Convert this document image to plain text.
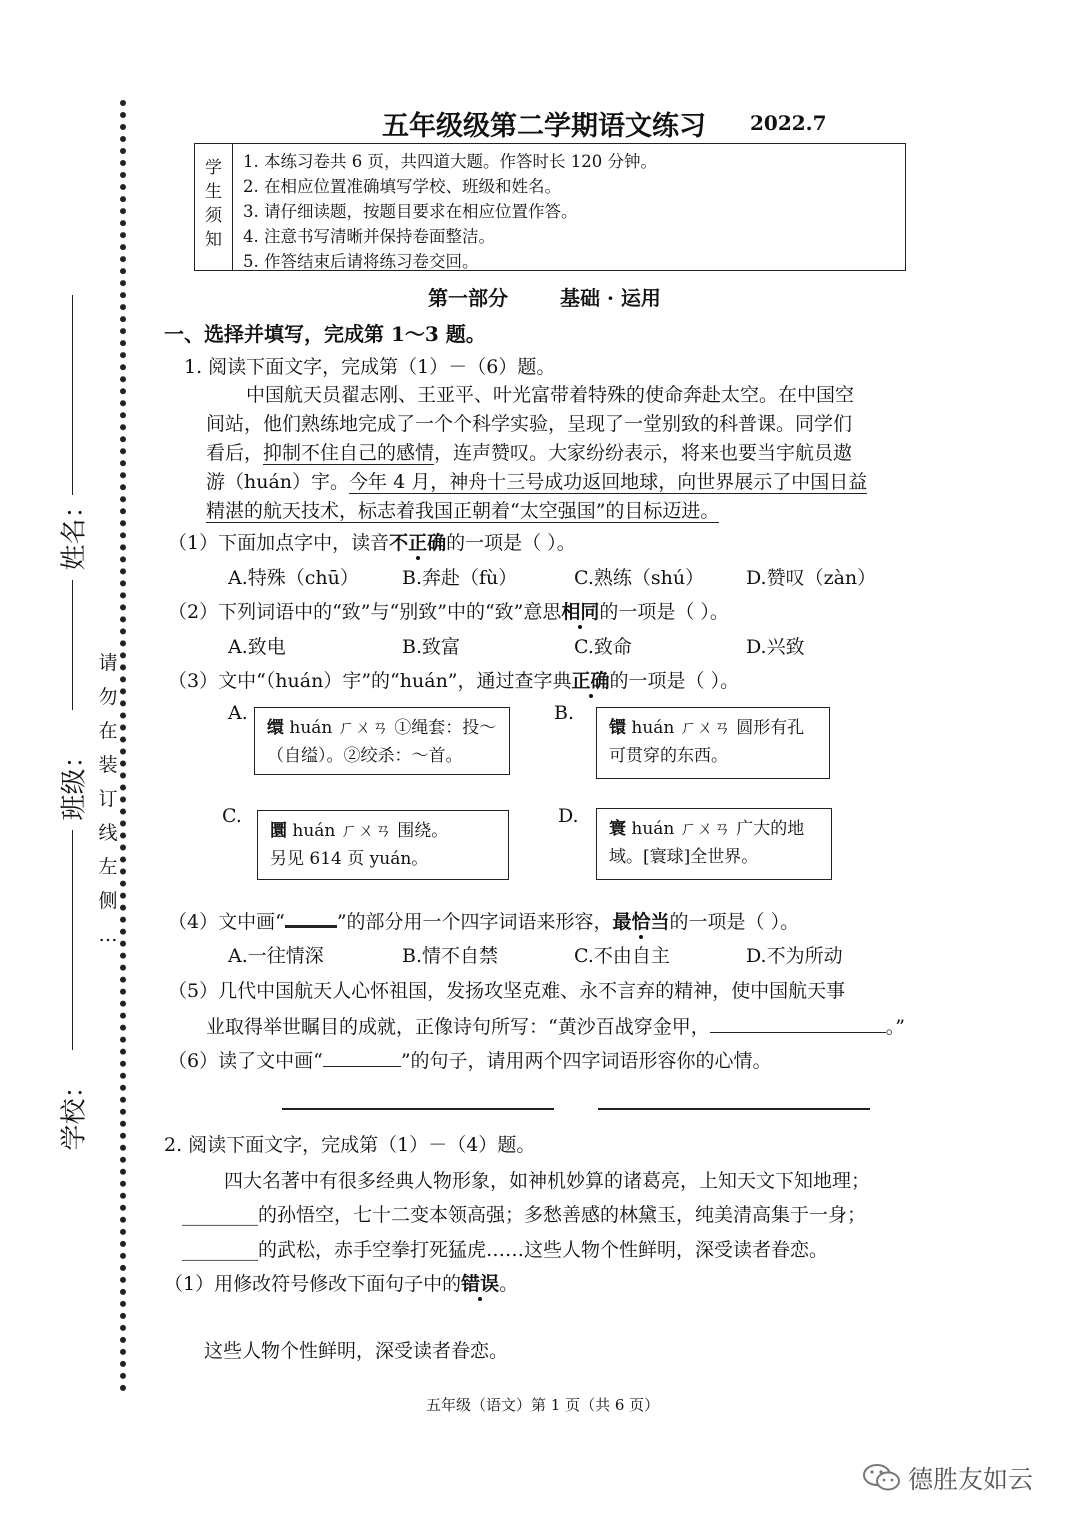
姓名：
班级：
学校：
请
勿
在
装
订
线
左
侧
…
五年级级第二学期语文练习 2022.7
学
生
须
知
1. 本练习卷共 6 页，共四道大题。作答时长 120 分钟。
2. 在相应位置准确填写学校、班级和姓名。
3. 请仔细读题，按题目要求在相应位置作答。
4. 注意书写清晰并保持卷面整洁。
5. 作答结束后请将练习卷交回。
第一部分	基础 · 运用
一、选择并填写，完成第 1～3 题。
1. 阅读下面文字，完成第（1）－（6）题。
中国航天员翟志刚、王亚平、叶光富带着特殊的使命奔赴太空。在中国空
间站，他们熟练地完成了一个个科学实验，呈现了一堂别致的科普课。同学们
看后，抑制不住自己的感情，连声赞叹。大家纷纷表示，将来也要当宇航员遨
游（huán）宇。今年 4 月，神舟十三号成功返回地球，向世界展示了中国日益
精湛的航天技术，标志着我国正朝着“太空强国”的目标迈进。
（1）下面加点字中，读音不正确的一项是（ ）。
A.特殊（chū） B.奔赴（fù）	C.熟练（shú） D.赞叹（zàn）
（2）下列词语中的“致”与“别致”中的“致”意思相同的一项是（ ）。
A.致电	B.致富	C.致命	D.兴致
（3）文中“（huán）宇”的“huán”，通过查字典正确的一项是（ ）。
A.
缳 huán ㄏㄨㄢ ①绳套：投～
（自缢）。②绞杀：～首。
B.
镮 huán ㄏㄨㄢ 圆形有孔
可贯穿的东西。
C.
圜 huán ㄏㄨㄢ 围绕。
另见 614 页 yuán。
D.
寰 huán ㄏㄨㄢ 广大的地
域。[寰球]全世界。
（4）文中画“	”的部分用一个四字词语来形容，最恰当的一项是（ ）。
A.一往情深	B.情不自禁	C.不由自主	D.不为所动
（5）几代中国航天人心怀祖国，发扬攻坚克难、永不言弃的精神，使中国航天事
业取得举世瞩目的成就，正像诗句所写：“黄沙百战穿金甲，	。”
（6）读了文中画“	”的句子，请用两个四字词语形容你的心情。
2. 阅读下面文字，完成第（1）－（4）题。
四大名著中有很多经典人物形象，如神机妙算的诸葛亮，上知天文下知地理；
________的孙悟空，七十二变本领高强；多愁善感的林黛玉，纯美清高集于一身；
________的武松，赤手空拳打死猛虎……这些人物个性鲜明，深受读者眷恋。
（1）用修改符号修改下面句子中的错误。
这些人物个性鲜明，深受读者眷恋。
五年级（语文）第 1 页（共 6 页）
德胜友如云
